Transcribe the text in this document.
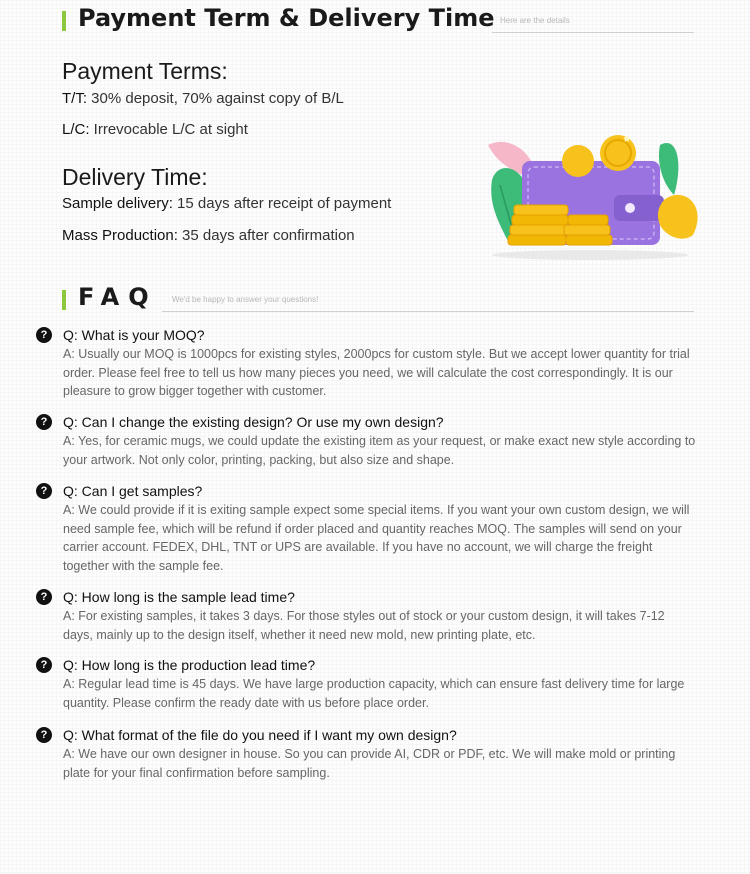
Payment Term & Delivery Time Here are the details
Payment Terms:
T/T: 30% deposit, 70% against copy of B/L
L/C: Irrevocable L/C at sight
Delivery Time:
Sample delivery: 15 days after receipt of payment
Mass Production: 35 days after confirmation
FAQ We'd be happy to answer your questions!
?	Q: What is your MOQ?
A: Usually our MOQ is 1000pcs for existing styles, 2000pcs for custom style. But we accept lower quantity for trial order. Please feel free to tell us how many pieces you need, we will calculate the cost correspondingly. It is our pleasure to grow bigger together with customer.
?	Q: Can I change the existing design? Or use my own design?
A: Yes, for ceramic mugs, we could update the existing item as your request, or make exact new style according to your artwork. Not only color, printing, packing, but also size and shape.
?	Q: Can I get samples?
A: We could provide if it is exiting sample expect some special items. If you want your own custom design, we will need sample fee, which will be refund if order placed and quantity reaches MOQ. The samples will send on your carrier account. FEDEX, DHL, TNT or UPS are available. If you have no account, we will charge the freight together with the sample fee.
?	Q: How long is the sample lead time?
A: For existing samples, it takes 3 days. For those styles out of stock or your custom design, it will takes 7-12 days, mainly up to the design itself, whether it need new mold, new printing plate, etc.
?	Q: How long is the production lead time?
A: Regular lead time is 45 days. We have large production capacity, which can ensure fast delivery time for large quantity. Please confirm the ready date with us before place order.
?	Q: What format of the file do you need if I want my own design?
A: We have our own designer in house. So you can provide AI, CDR or PDF, etc. We will make mold or printing plate for your final confirmation before sampling.
